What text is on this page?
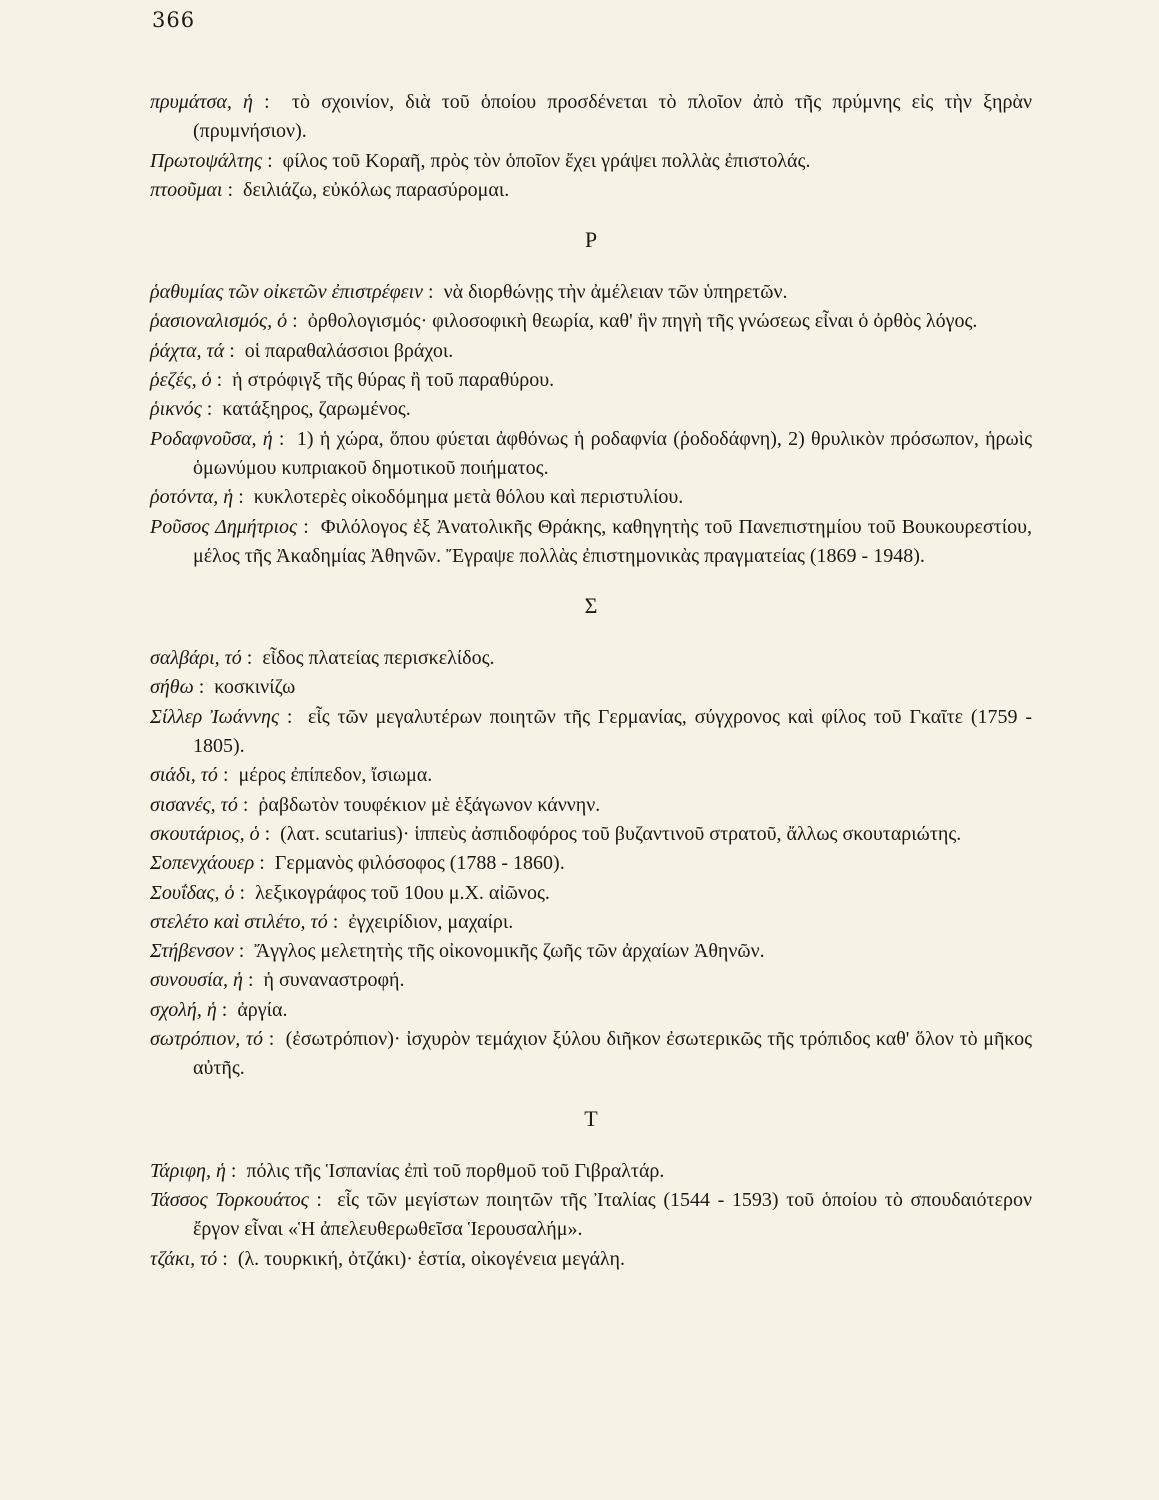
366

πρυμάτσα, ἡ :  τὸ σχοινίον, διὰ τοῦ ὁποίου προσδένεται τὸ πλοῖον ἀπὸ τῆς πρύμνης εἰς τὴν ξηρὰν (πρυμνήσιον).

Πρωτοψάλτης :  φίλος τοῦ Κοραῆ, πρὸς τὸν ὁποῖον ἔχει γράψει πολλὰς ἐπιστολάς.

πτοοῦμαι :  δειλιάζω, εὐκόλως παρασύρομαι.

Ρ

ῥαθυμίας τῶν οἰκετῶν ἐπιστρέφειν :  νὰ διορθώνῃς τὴν ἀμέλειαν τῶν ὑπηρετῶν.

ῥασιοναλισμός, ὁ :  ὀρθολογισμός· φιλοσοφικὴ θεωρία, καθ' ἣν πηγὴ τῆς γνώσεως εἶναι ὁ ὀρθὸς λόγος.

ῥάχτα, τά :  οἱ παραθαλάσσιοι βράχοι.

ῥεζές, ὁ :  ἡ στρόφιγξ τῆς θύρας ἢ τοῦ παραθύρου.

ῥικνός :  κατάξηρος, ζαρωμένος.

Ροδαφνοῦσα, ἡ :  1) ἡ χώρα, ὅπου φύεται ἀφθόνως ἡ ροδαφνία (ῥοδοδάφνη), 2) θρυλικὸν πρόσωπον, ἡρωὶς ὁμωνύμου κυπριακοῦ δημοτικοῦ ποιήματος.

ῥοτόντα, ἡ :  κυκλοτερὲς οἰκοδόμημα μετὰ θόλου καὶ περιστυλίου.

Ροῦσος Δημήτριος :  Φιλόλογος ἐξ Ἀνατολικῆς Θράκης, καθηγητὴς τοῦ Πανεπιστημίου τοῦ Βουκουρεστίου, μέλος τῆς Ἀκαδημίας Ἀθηνῶν. Ἔγραψε πολλὰς ἐπιστημονικὰς πραγματείας (1869 - 1948).

Σ

σαλβάρι, τό :  εἶδος πλατείας περισκελίδος.

σήθω :  κοσκινίζω

Σίλλερ Ἰωάννης :  εἷς τῶν μεγαλυτέρων ποιητῶν τῆς Γερμανίας, σύγχρονος καὶ φίλος τοῦ Γκαῖτε (1759 - 1805).

σιάδι, τό :  μέρος ἐπίπεδον, ἴσιωμα.

σισανές, τό :  ῥαβδωτὸν τουφέκιον μὲ ἑξάγωνον κάννην.

σκουτάριος, ὁ :  (λατ. scutarius)· ἱππεὺς ἀσπιδοφόρος τοῦ βυζαντινοῦ στρατοῦ, ἄλλως σκουταριώτης.

Σοπενχάουερ :  Γερμανὸς φιλόσοφος (1788 - 1860).

Σουΐδας, ὁ :  λεξικογράφος τοῦ 10ου μ.Χ. αἰῶνος.

στελέτο καὶ στιλέτο, τό :  ἐγχειρίδιον, μαχαίρι.

Στήβενσον :  Ἄγγλος μελετητὴς τῆς οἰκονομικῆς ζωῆς τῶν ἀρχαίων Ἀθηνῶν.

συνουσία, ἡ :  ἡ συναναστροφή.

σχολή, ἡ :  ἀργία.

σωτρόπιον, τό :  (ἐσωτρόπιον)· ἰσχυρὸν τεμάχιον ξύλου διῆκον ἐσωτερικῶς τῆς τρόπιδος καθ' ὅλον τὸ μῆκος αὐτῆς.

Τ

Τάριφη, ἡ :  πόλις τῆς Ἱσπανίας ἐπὶ τοῦ πορθμοῦ τοῦ Γιβραλτάρ.

Τάσσος Τορκουάτος :  εἷς τῶν μεγίστων ποιητῶν τῆς Ἰταλίας (1544 - 1593) τοῦ ὁποίου τὸ σπουδαιότερον ἔργον εἶναι «Ἡ ἀπελευθερωθεῖσα Ἱερουσαλήμ».

τζάκι, τό :  (λ. τουρκική, ὀτζάκι)· ἑστία, οἰκογένεια μεγάλη.
